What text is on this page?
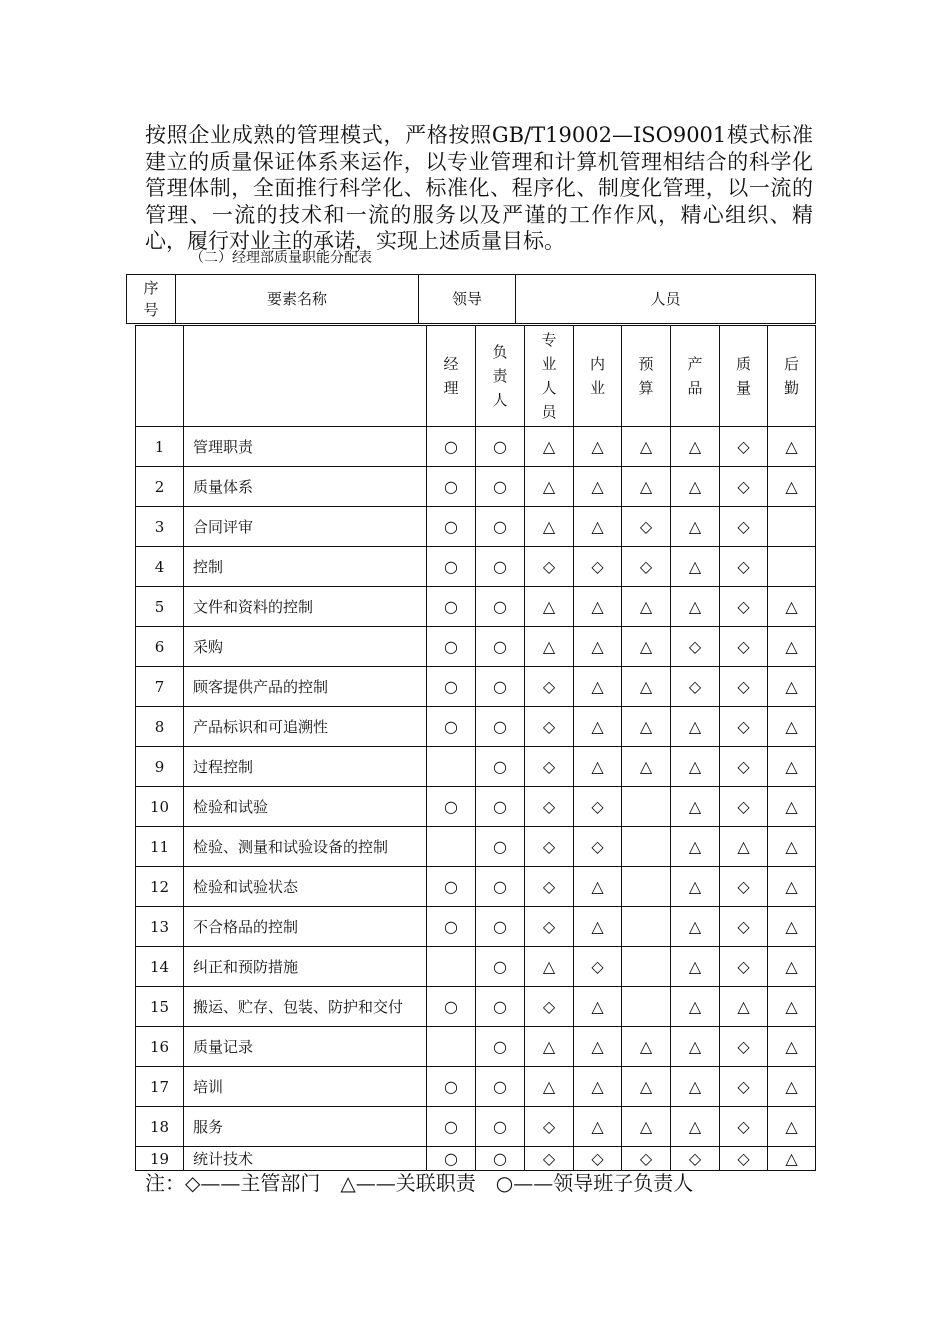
按照企业成熟的管理模式，严格按照GB/T19002—ISO9001模式标准建立的质量保证体系来运作，以专业管理和计算机管理相结合的科学化管理体制，全面推行科学化、标准化、程序化、制度化管理，以一流的管理、一流的技术和一流的服务以及严谨的工作作风，精心组织、精心，履行对业主的承诺，实现上述质量目标。

（二）经理部质量职能分配表
序号	要素名称	领导	人员
		经理	负责人	专业人员	内业	预算	产品	质量	后勤
1	管理职责	○	○	△	△	△	△	◇	△
2	质量体系	○	○	△	△	△	△	◇	△
3	合同评审	○	○	△	△	◇	△	◇	
4	控制	○	○	◇	◇	◇	△	◇	
5	文件和资料的控制	○	○	△	△	△	△	◇	△
6	采购	○	○	△	△	△	◇	◇	△
7	顾客提供产品的控制	○	○	◇	△	△	◇	◇	△
8	产品标识和可追溯性	○	○	◇	△	△	△	◇	△
9	过程控制		○	◇	△	△	△	◇	△
10	检验和试验	○	○	◇	◇		△	◇	△
11	检验、测量和试验设备的控制		○	◇	◇		△	△	△
12	检验和试验状态	○	○	◇	△		△	◇	△
13	不合格品的控制	○	○	◇	△		△	◇	△
14	纠正和预防措施		○	△	◇		△	◇	△
15	搬运、贮存、包装、防护和交付	○	○	◇	△		△	△	△
16	质量记录		○	△	△	△	△	◇	△
17	培训	○	○	△	△	△	△	◇	△
18	服务	○	○	◇	△	△	△	◇	△
19	统计技术	○	○	◇	◇	◇	◇	◇	△
注：◇——主管部门　△——关联职责　○——领导班子负责人
